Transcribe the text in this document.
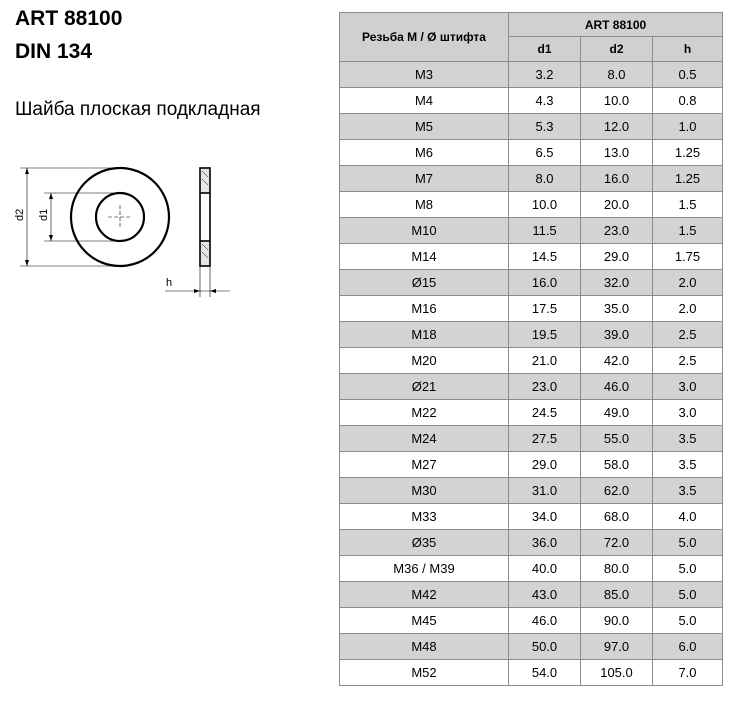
ART 88100
DIN 134
Шайба плоская подкладная
d2 d1
h
Резьба М / Ø штифта	ART 88100		
	d1	d2	h
M3	3.2	8.0	0.5
M4	4.3	10.0	0.8
M5	5.3	12.0	1.0
M6	6.5	13.0	1.25
M7	8.0	16.0	1.25
M8	10.0	20.0	1.5
M10	11.5	23.0	1.5
M14	14.5	29.0	1.75
Ø15	16.0	32.0	2.0
M16	17.5	35.0	2.0
M18	19.5	39.0	2.5
M20	21.0	42.0	2.5
Ø21	23.0	46.0	3.0
M22	24.5	49.0	3.0
M24	27.5	55.0	3.5
M27	29.0	58.0	3.5
M30	31.0	62.0	3.5
M33	34.0	68.0	4.0
Ø35	36.0	72.0	5.0
M36 / M39	40.0	80.0	5.0
M42	43.0	85.0	5.0
M45	46.0	90.0	5.0
M48	50.0	97.0	6.0
M52	54.0	105.0	7.0
